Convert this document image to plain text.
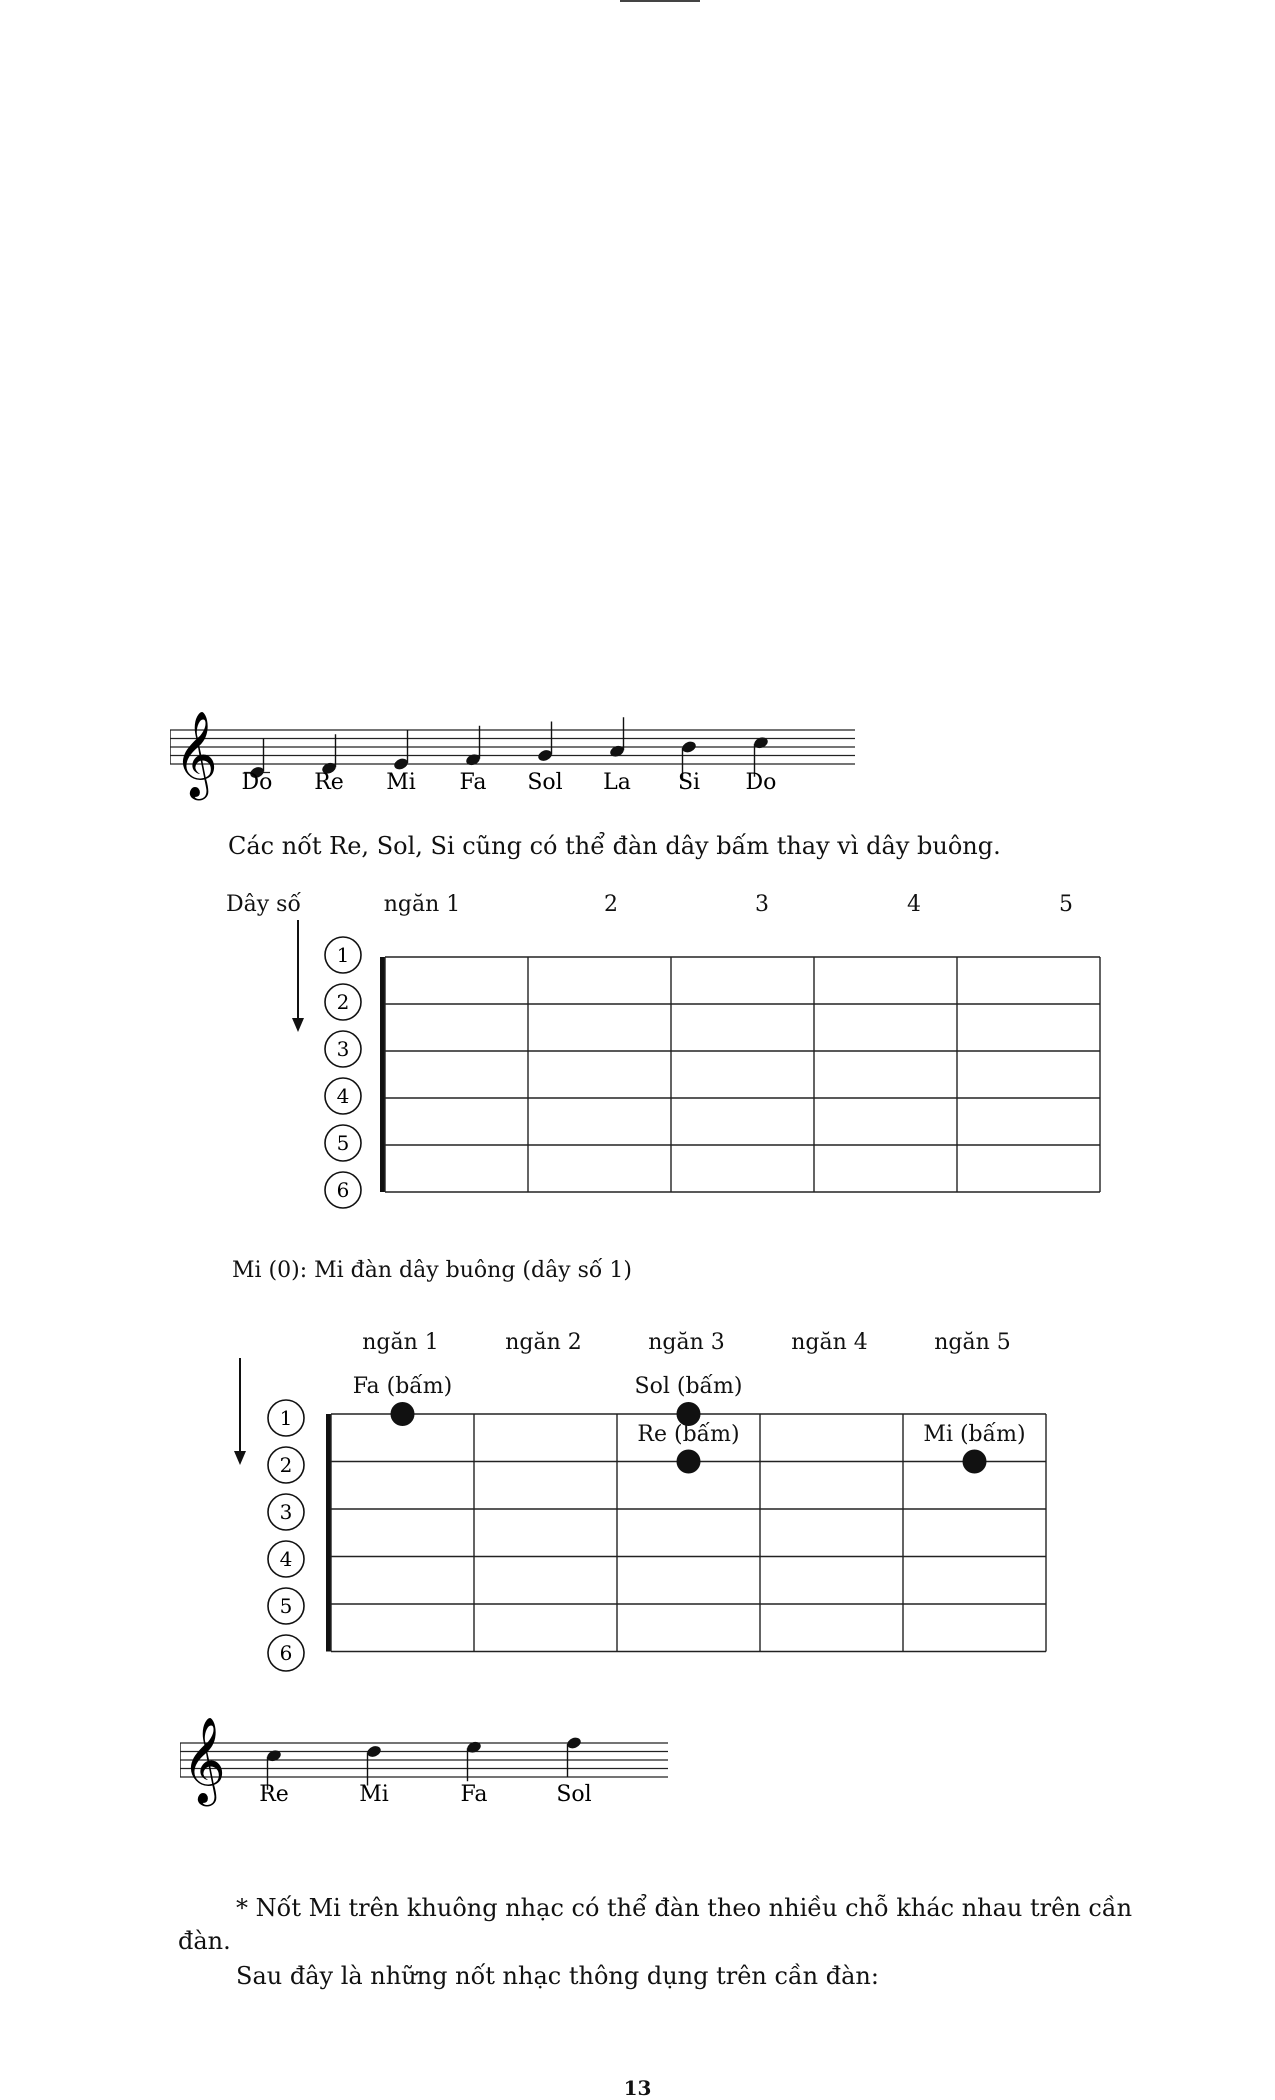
𝄞 Do Re Mi Fa Sol La Si Do
Các nốt Re, Sol, Si cũng có thể đàn dây bấm thay vì dây buông.
Dây số
1
2
3
4
5
6
Mi (0): Mi đàn dây buông (dây số 1)
1
2
3
4
5
6
𝄞 Re	Mi	Fa	Sol
* Nốt Mi trên khuông nhạc có thể đàn theo nhiều chỗ khác nhau trên cần đàn.
Sau đây là những nốt nhạc thông dụng trên cần đàn:
13
ngăn 1	2	3	4	5
ngăn 1	ngăn 2	ngăn 3	ngăn 4	ngăn 5
Fa (bấm)	Sol (bấm)
Re (bấm)	Mi (bấm)
